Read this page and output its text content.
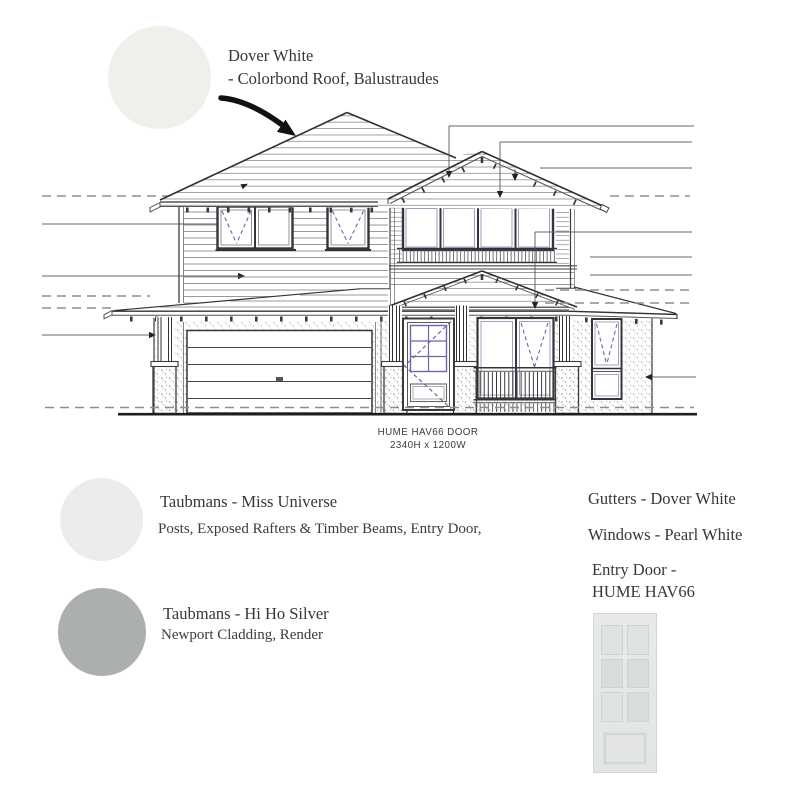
Dover White
- Colorbond Roof, Balustraudes
HUME HAV66 DOOR
2340H x 1200W
Taubmans - Miss Universe
Posts, Exposed Rafters & Timber Beams, Entry Door,
Taubmans - Hi Ho Silver
Newport Cladding, Render
Gutters - Dover White
Windows - Pearl White
Entry Door -
HUME HAV66
